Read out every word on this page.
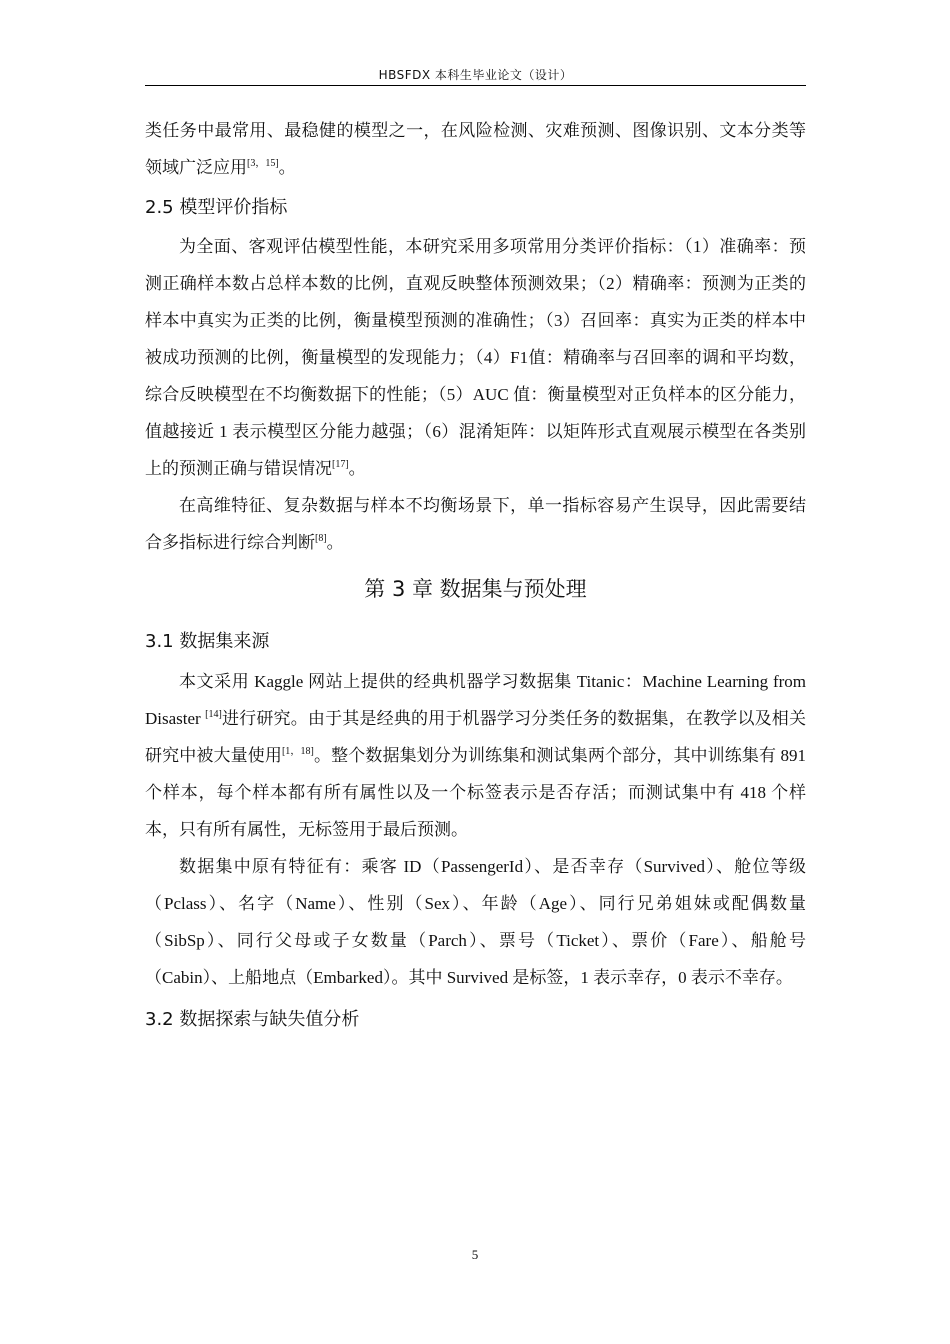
HBSFDX 本科生毕业论文（设计）

类任务中最常用、最稳健的模型之一，在风险检测、灾难预测、图像识别、文本分类等领域广泛应用[3，15]。

2.5 模型评价指标

为全面、客观评估模型性能，本研究采用多项常用分类评价指标：（1）准确率：预测正确样本数占总样本数的比例，直观反映整体预测效果；（2）精确率：预测为正类的样本中真实为正类的比例，衡量模型预测的准确性；（3）召回率：真实为正类的样本中被成功预测的比例，衡量模型的发现能力；（4）F1值：精确率与召回率的调和平均数，综合反映模型在不均衡数据下的性能；（5）AUC 值：衡量模型对正负样本的区分能力，值越接近 1 表示模型区分能力越强；（6）混淆矩阵：以矩阵形式直观展示模型在各类别上的预测正确与错误情况[17]。

在高维特征、复杂数据与样本不均衡场景下，单一指标容易产生误导，因此需要结合多指标进行综合判断[8]。

第 3 章 数据集与预处理
3.1 数据集来源

本文采用 Kaggle 网站上提供的经典机器学习数据集 Titanic：Machine Learning from Disaster [14]进行研究。由于其是经典的用于机器学习分类任务的数据集，在教学以及相关研究中被大量使用[1，18]。整个数据集划分为训练集和测试集两个部分，其中训练集有 891 个样本，每个样本都有所有属性以及一个标签表示是否存活；而测试集中有 418 个样本，只有所有属性，无标签用于最后预测。

数据集中原有特征有：乘客 ID（PassengerId）、是否幸存（Survived）、舱位等级（Pclass）、名字（Name）、性别（Sex）、年龄（Age）、同行兄弟姐妹或配偶数量（SibSp）、同行父母或子女数量（Parch）、票号（Ticket）、票价（Fare）、船舱号（Cabin）、上船地点（Embarked）。其中 Survived 是标签，1 表示幸存，0 表示不幸存。

3.2 数据探索与缺失值分析
5
